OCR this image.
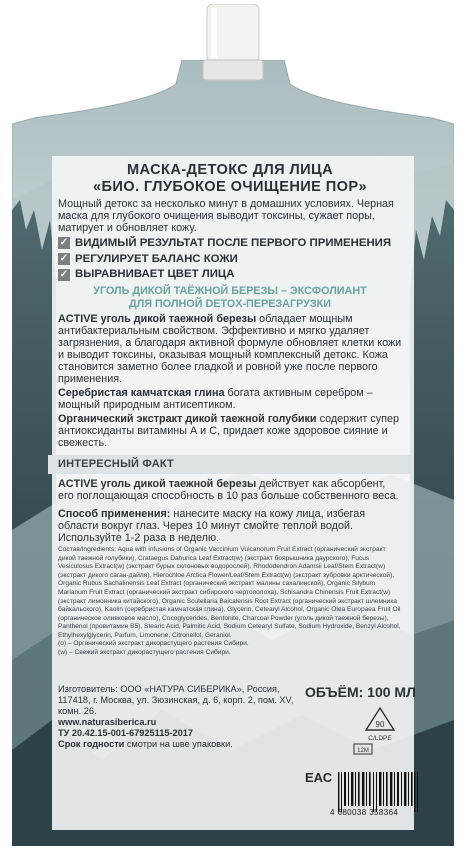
МАСКА-ДЕТОКС ДЛЯ ЛИЦА
«БИО. ГЛУБОКОЕ ОЧИЩЕНИЕ ПОР»
Мощный детокс за несколько минут в домашних условиях. Черная маска для глубокого очищения выводит токсины, сужает поры, матирует и обновляет кожу.
✓ ВИДИМЫЙ РЕЗУЛЬТАТ ПОСЛЕ ПЕРВОГО ПРИМЕНЕНИЯ
✓ РЕГУЛИРУЕТ БАЛАНС КОЖИ
✓ ВЫРАВНИВАЕТ ЦВЕТ ЛИЦА
УГОЛЬ ДИКОЙ ТАЁЖНОЙ БЕРЕЗЫ – ЭКСФОЛИАНТ
ДЛЯ ПОЛНОЙ DETOX-ПЕРЕЗАГРУЗКИ
ACTIVE уголь дикой таежной березы обладает мощным антибактериальным свойством. Эффективно и мягко удаляет загрязнения, а благодаря активной формуле обновляет клетки кожи и выводит токсины, оказывая мощный комплексный детокс. Кожа становится заметно более гладкой и ровной уже после первого применения.
Серебристая камчатская глина богата активным серебром – мощный природным антисептиком.
Органический экстракт дикой таежной голубики содержит супер антиоксиданты витамины А и С, придает коже здоровое сияние и свежесть.
ИНТЕРЕСНЫЙ ФАКТ
ACTIVE уголь дикой таежной березы действует как абсорбент, его поглощающая способность в 10 раз больше собственного веса.
Способ применения: нанесите маску на кожу лица, избегая области вокруг глаз. Через 10 минут смойте теплой водой. Используйте 1-2 раза в неделю.
Состав/Ingredients: Aqua with infusions of Organic Vaccinium Vulcanorum Fruit Extract (органический экстракт дикой таежной голубики), Crataegus Dahurica Leaf Extract(w) (экстракт боярышника даурского), Fucus Vesiculosus Extract(w) (экстракт бурых склоновых водорослей), Rhododendron Adamsii Leaf/Stem Extract(w) (экстракт дикого саган-дайля), Hierochloe Arctica Flower/Leaf/Stem Extract(w) (экстракт зубровки арктической), Organic Rubus Sachalinensis Leaf Extract (органический экстракт малины сахалинской), Organic Silybum Marianum Fruit Extract (органический экстракт сибирского чертополоха), Schisandra Chinensis Fruit Extract(w) (экстракт лимонника китайского), Organic Scutellaria Baicalensis Root Extract (органический экстракт шлемника байкальского), Kaolin (серебристая камчатская глина), Glycerin, Cetearyl Alcohol, Organic Olea Europaea Fruit Oil (органическое оливковое масло), Cocoglycerides, Bentonite, Charcoal Powder (уголь дикой таежной березы), Panthenol (провитамин B5), Stearic Acid, Palmitic Acid, Sodium Cetearyl Sulfate, Sodium Hydroxide, Benzyl Alcohol, Ethylhexylglycerin, Parfum, Limonene, Citronellol, Geraniol.
(o) – Органический экстракт дикорастущего растения Сибири.
(w) – Свежий экстракт дикорастущего растения Сибири.
Изготовитель: ООО «НАТУРА СИБЕРИКА», Россия, 117418, г. Москва, ул. Зюзинская, д. 6, корп. 2, пом. XV, комн. 26.
www.naturasiberica.ru
ТУ 20.42.15-001-67925115-2017
Срок годности смотри на шве упаковки.
ОБЪЁМ: 100 МЛ
90
C/LDPE
12M
ЕАС
4 680038 358364
